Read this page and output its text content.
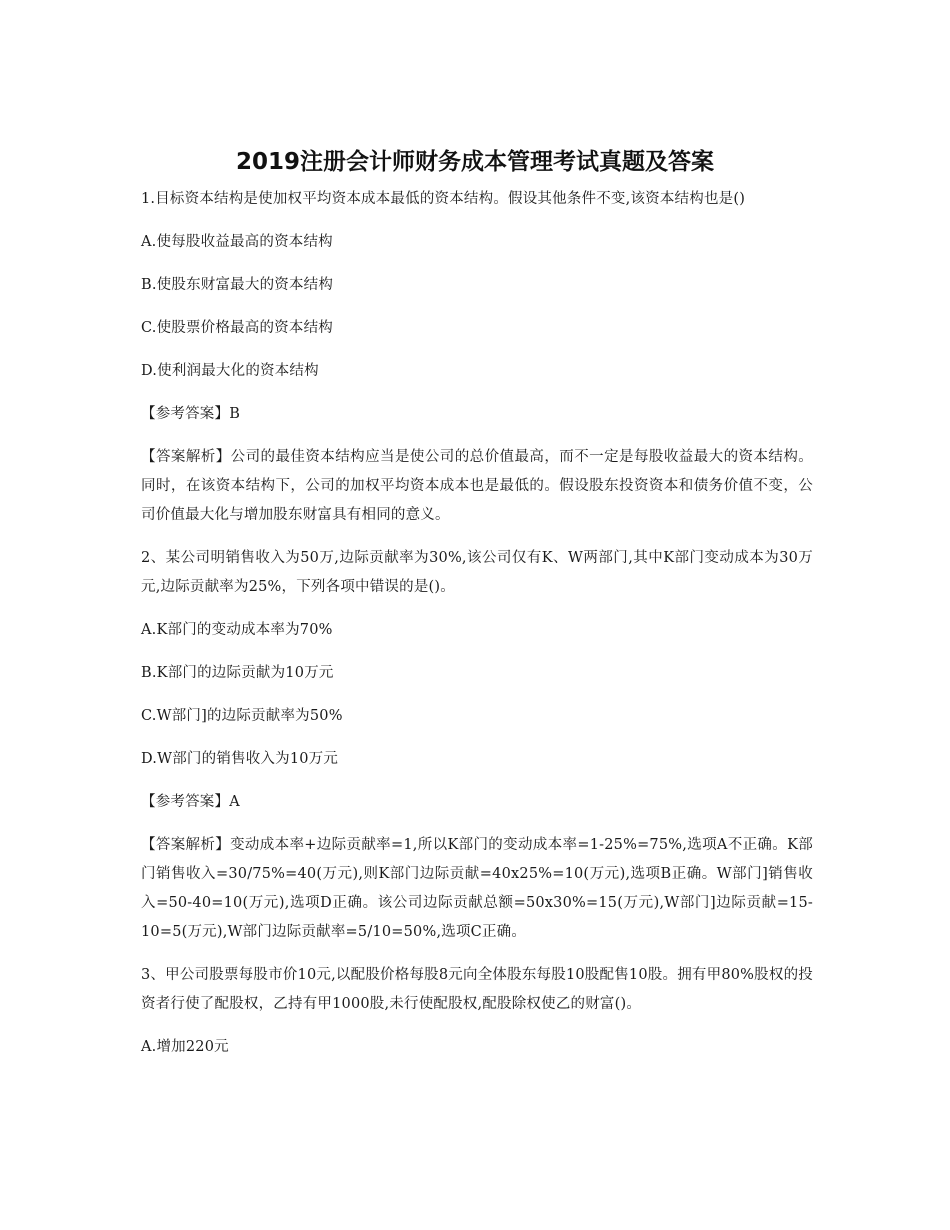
2019注册会计师财务成本管理考试真题及答案

1.目标资本结构是使加权平均资本成本最低的资本结构。假设其他条件不变,该资本结构也是()

A.使每股收益最高的资本结构

B.使股东财富最大的资本结构

C.使股票价格最高的资本结构

D.使利润最大化的资本结构

【参考答案】B

【答案解析】公司的最佳资本结构应当是使公司的总价值最高，而不一定是每股收益最大的资本结构。同时，在该资本结构下，公司的加权平均资本成本也是最低的。假设股东投资资本和债务价值不变，公司价值最大化与增加股东财富具有相同的意义。

2、某公司明销售收入为50万,边际贡献率为30%,该公司仅有K、W两部门,其中K部门变动成本为30万元,边际贡献率为25%，下列各项中错误的是()。

A.K部门的变动成本率为70%

B.K部门的边际贡献为10万元

C.W部门]的边际贡献率为50%

D.W部门的销售收入为10万元

【参考答案】A

【答案解析】变动成本率+边际贡献率=1,所以K部门的变动成本率=1-25%=75%,选项A不正确。K部门销售收入=30/75%=40(万元),则K部门边际贡献=40x25%=10(万元),选项B正确。W部门]销售收入=50-40=10(万元),选项D正确。该公司边际贡献总额=50x30%=15(万元),W部门]边际贡献=15-10=5(万元),W部门边际贡献率=5/10=50%,选项C正确。

3、甲公司股票每股市价10元,以配股价格每股8元向全体股东每股10股配售10股。拥有甲80%股权的投资者行使了配股权，乙持有甲1000股,未行使配股权,配股除权使乙的财富()。

A.增加220元
